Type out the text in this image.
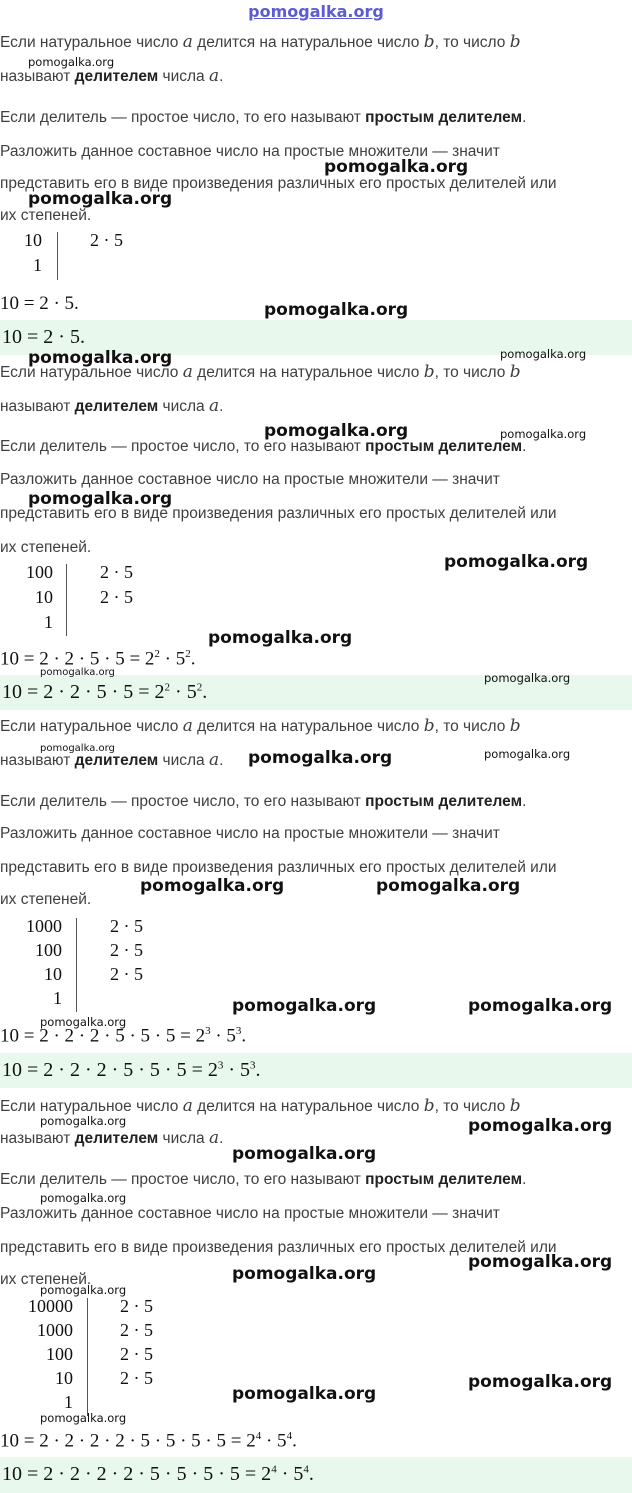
pomogalka.org
Если натуральное число a делится на натуральное число b, то число b
называют делителем числа a.
Если делитель — простое число, то его называют простым делителем.
Разложить данное составное число на простые множители — значит
представить его в виде произведения различных его простых делителей или
их степеней.
10	2 · 5
1
10 = 2 · 5.
10 = 2 · 5.
Если натуральное число a делится на натуральное число b, то число b
называют делителем числа a.
Если делитель — простое число, то его называют простым делителем.
Разложить данное составное число на простые множители — значит
представить его в виде произведения различных его простых делителей или
их степеней.
100	2 · 5
10	2 · 5
1
$10 = 2 \cdot 2 \cdot 5 \cdot 5 = 2^2 \cdot 5^2$.
$10 = 2 \cdot 2 \cdot 5 \cdot 5 = 2^2 \cdot 5^2$.
Если натуральное число a делится на натуральное число b, то число b
называют делителем числа a.
Если делитель — простое число, то его называют простым делителем.
Разложить данное составное число на простые множители — значит
представить его в виде произведения различных его простых делителей или
их степеней.
1000	2 · 5
100	2 · 5
10	2 · 5
1
$10 = 2 \cdot 2 \cdot 2 \cdot 5 \cdot 5 \cdot 5 = 2^3 \cdot 5^3$.
$10 = 2 \cdot 2 \cdot 2 \cdot 5 \cdot 5 \cdot 5 = 2^3 \cdot 5^3$.
Если натуральное число a делится на натуральное число b, то число b
называют делителем числа a.
Если делитель — простое число, то его называют простым делителем.
Разложить данное составное число на простые множители — значит
представить его в виде произведения различных его простых делителей или
их степеней.
10000	2 · 5
1000	2 · 5
100	2 · 5
10	2 · 5
1
$10 = 2 \cdot 2 \cdot 2 \cdot 2 \cdot 5 \cdot 5 \cdot 5 \cdot 5 = 2^4 \cdot 5^4$.
$10 = 2 \cdot 2 \cdot 2 \cdot 2 \cdot 5 \cdot 5 \cdot 5 \cdot 5 = 2^4 \cdot 5^4$.
pomogalka.org
pomogalka.org
pomogalka.org
pomogalka.org
pomogalka.org	pomogalka.org
pomogalka.org	pomogalka.org
pomogalka.org
pomogalka.org
pomogalka.org
pomogalka.org	pomogalka.org
pomogalka.org	pomogalka.org	pomogalka.org
pomogalka.org	pomogalka.org
pomogalka.org	pomogalka.org
pomogalka.org
pomogalka.org	pomogalka.org
pomogalka.org
pomogalka.org
pomogalka.org
pomogalka.org
pomogalka.org
pomogalka.org
pomogalka.org
pomogalka.org
